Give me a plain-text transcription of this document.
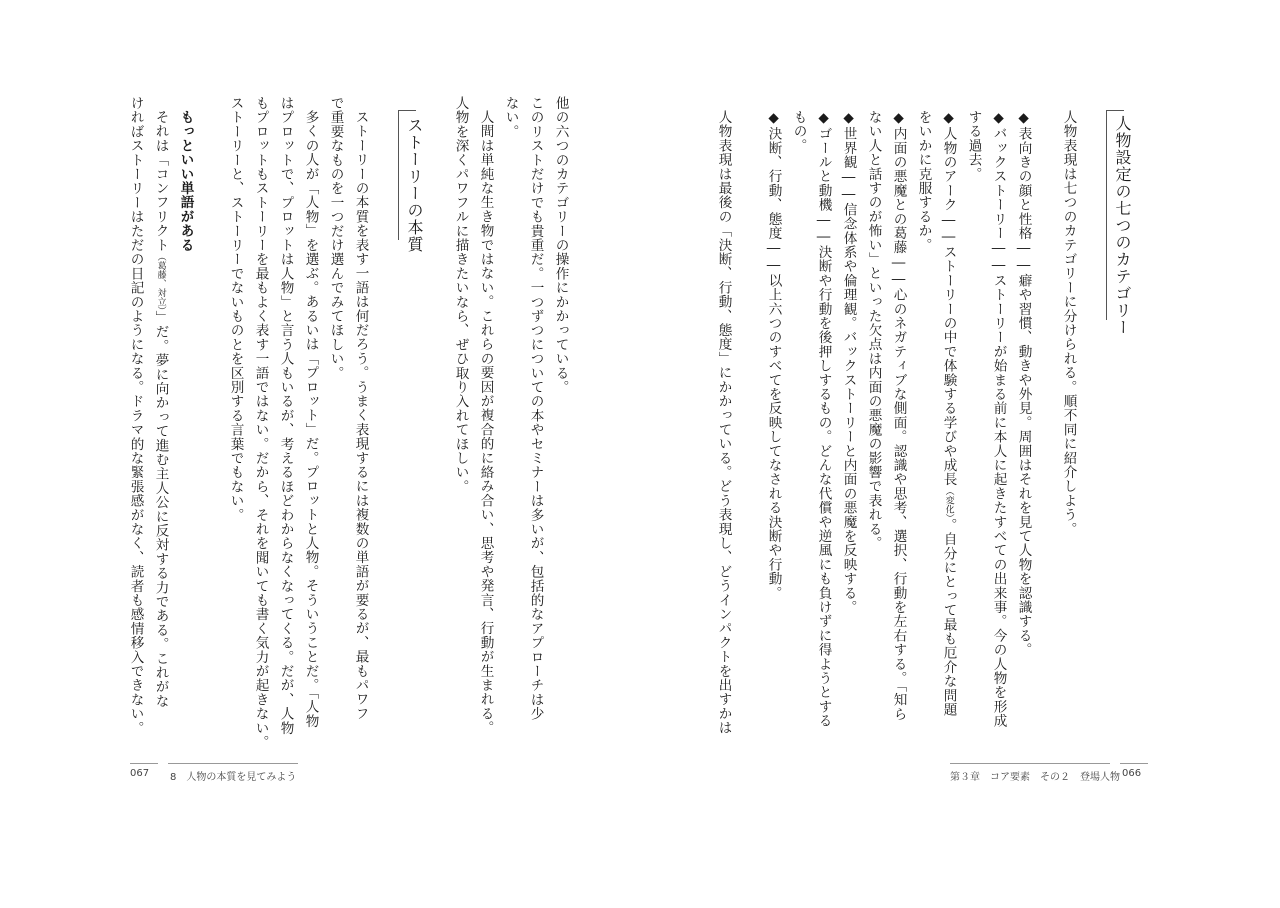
人物設定の七つのカテゴリー
人物表現は七つのカテゴリーに分けられる。順不同に紹介しよう。
◆表向きの顔と性格――癖や習慣、動きや外見。周囲はそれを見て人物を認識する。
◆バックストーリー――ストーリーが始まる前に本人に起きたすべての出来事。今の人物を形成
する過去。
◆人物のアーク――ストーリーの中で体験する学びや成長（変化）。自分にとって最も厄介な問題
をいかに克服するか。
◆内面の悪魔との葛藤――心のネガティブな側面。認識や思考、選択、行動を左右する。「知ら
ない人と話すのが怖い」といった欠点は内面の悪魔の影響で表れる。
◆世界観――信念体系や倫理観。バックストーリーと内面の悪魔を反映する。
◆ゴールと動機――決断や行動を後押しするもの。どんな代償や逆風にも負けずに得ようとする
もの。
◆決断、行動、態度――以上六つのすべてを反映してなされる決断や行動。
人物表現は最後の「決断、行動、態度」にかかっている。どう表現し、どうインパクトを出すかは
第３章　コア要素　その２　登場人物 066
他の六つのカテゴリーの操作にかかっている。
このリストだけでも貴重だ。一つずつについての本やセミナーは多いが、包括的なアプローチは少
ない。
人間は単純な生き物ではない。これらの要因が複合的に絡み合い、思考や発言、行動が生まれる。
人物を深くパワフルに描きたいなら、ぜひ取り入れてほしい。
ストーリーの本質
ストーリーの本質を表す一語は何だろう。うまく表現するには複数の単語が要るが、最もパワフ
で重要なものを一つだけ選んでみてほしい。
多くの人が「人物」を選ぶ。あるいは「プロット」だ。プロットと人物。そういうことだ。「人物
はプロットで、プロットは人物」と言う人もいるが、考えるほどわからなくなってくる。だが、人物
もプロットもストーリーを最もよく表す一語ではない。だから、それを聞いても書く気力が起きない。
ストーリーと、ストーリーでないものとを区別する言葉でもない。
もっといい単語がある
それは「コンフリクト（葛藤、対立）」だ。夢に向かって進む主人公に反対する力である。これがな
ければストーリーはただの日記のようになる。ドラマ的な緊張感がなく、読者も感情移入できない。
067 8　人物の本質を見てみよう
